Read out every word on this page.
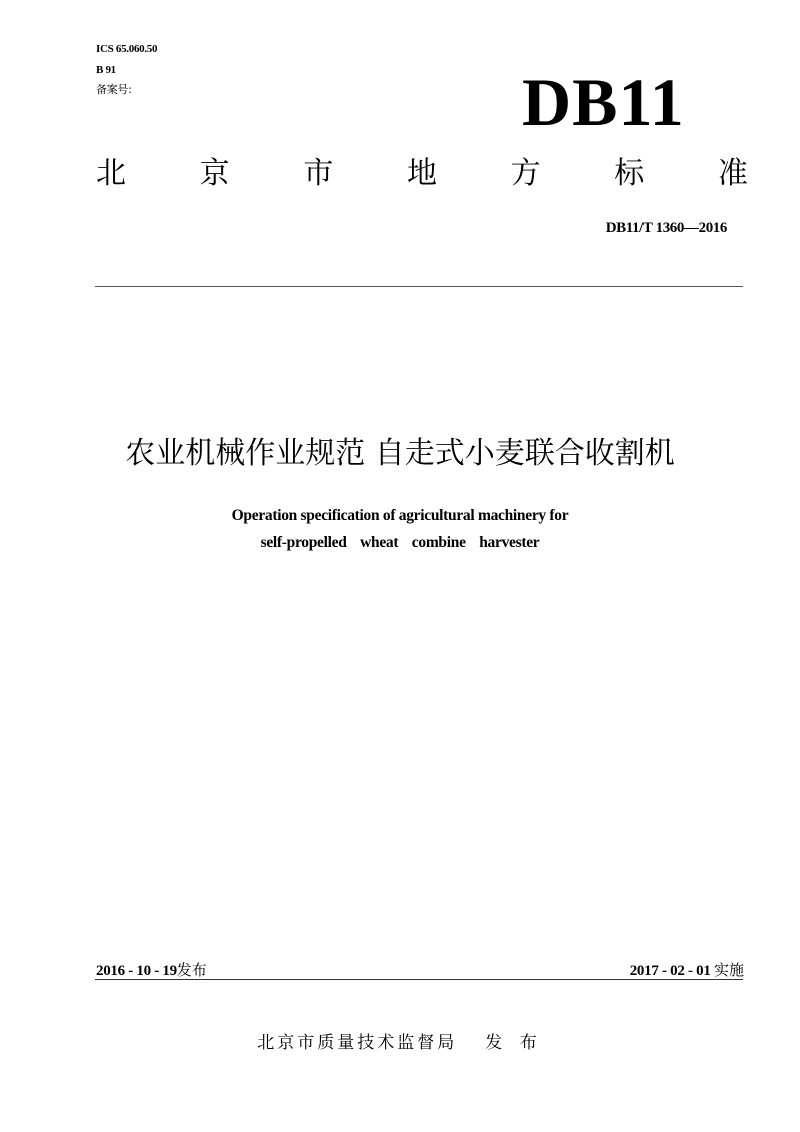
ICS 65.060.50
B 91
备案号:	DB11
北 京 市 地 方 标 准
DB11/T 1360—2016
农业机械作业规范 自走式小麦联合收割机
Operation specification of agricultural machinery for
self-propelled wheat combine harvester
2016 - 10 - 19发布	2017 - 02 - 01 实施
北京市质量技术监督局 发 布
